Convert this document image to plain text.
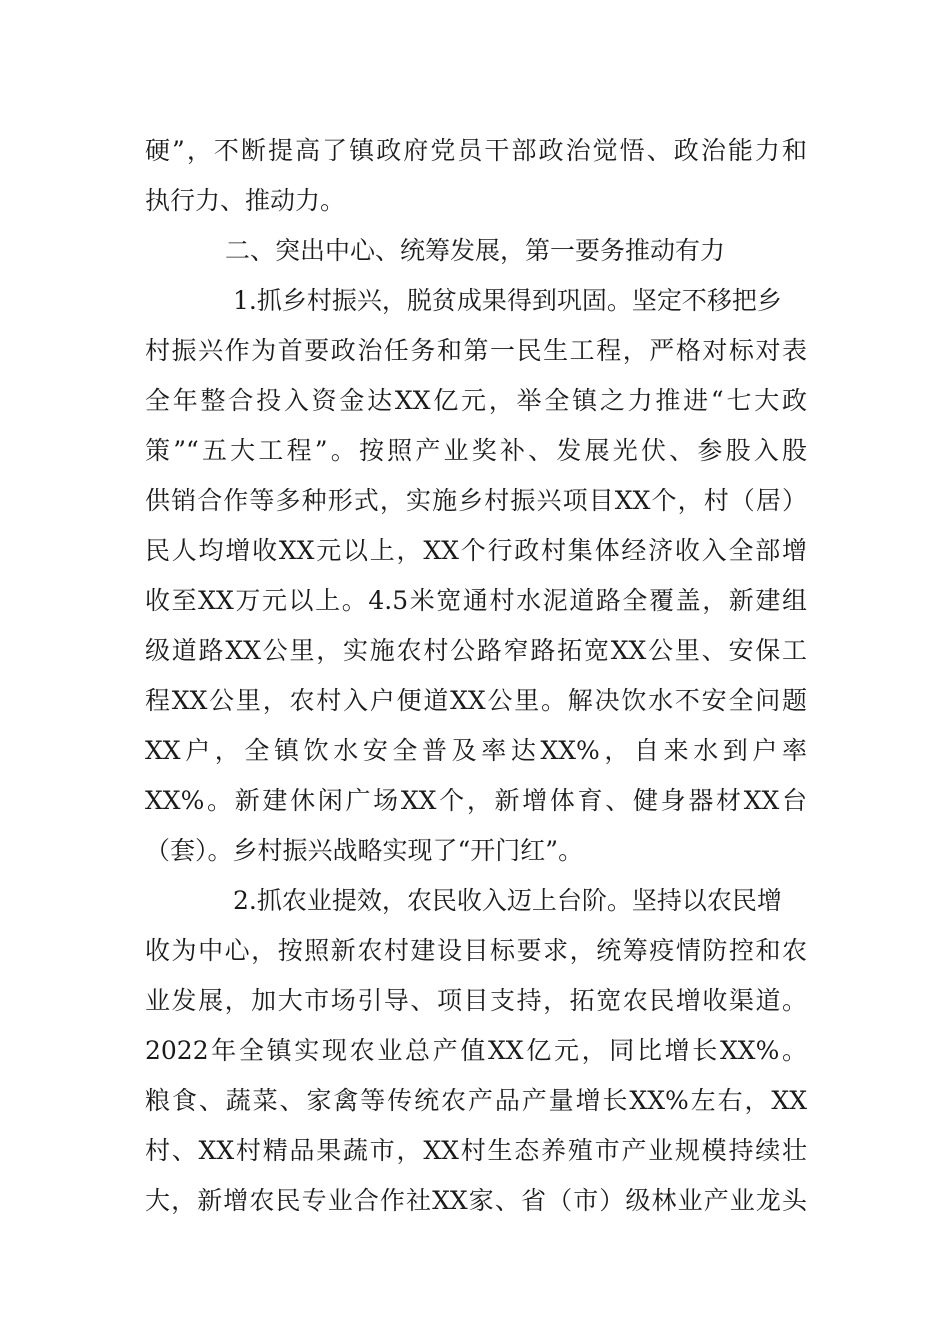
硬”，不断提高了镇政府党员干部政治觉悟、政治能力和
执行力、推动力。
二、突出中心、统筹发展，第一要务推动有力
1.抓乡村振兴，脱贫成果得到巩固。坚定不移把乡
村振兴作为首要政治任务和第一民生工程，严格对标对表
全年整合投入资金达XX亿元，举全镇之力推进“七大政
策”“五大工程”。按照产业奖补、发展光伏、参股入股
供销合作等多种形式，实施乡村振兴项目XX个，村（居）
民人均增收XX元以上，XX个行政村集体经济收入全部增
收至XX万元以上。4.5米宽通村水泥道路全覆盖，新建组
级道路XX公里，实施农村公路窄路拓宽XX公里、安保工
程XX公里，农村入户便道XX公里。解决饮水不安全问题
XX户，全镇饮水安全普及率达XX%，自来水到户率
XX%。新建休闲广场XX个，新增体育、健身器材XX台
（套）。乡村振兴战略实现了“开门红”。
2.抓农业提效，农民收入迈上台阶。坚持以农民增
收为中心，按照新农村建设目标要求，统筹疫情防控和农
业发展，加大市场引导、项目支持，拓宽农民增收渠道。
2022年全镇实现农业总产值XX亿元，同比增长XX%。
粮食、蔬菜、家禽等传统农产品产量增长XX%左右，XX
村、XX村精品果蔬市，XX村生态养殖市产业规模持续壮
大，新增农民专业合作社XX家、省（市）级林业产业龙头
